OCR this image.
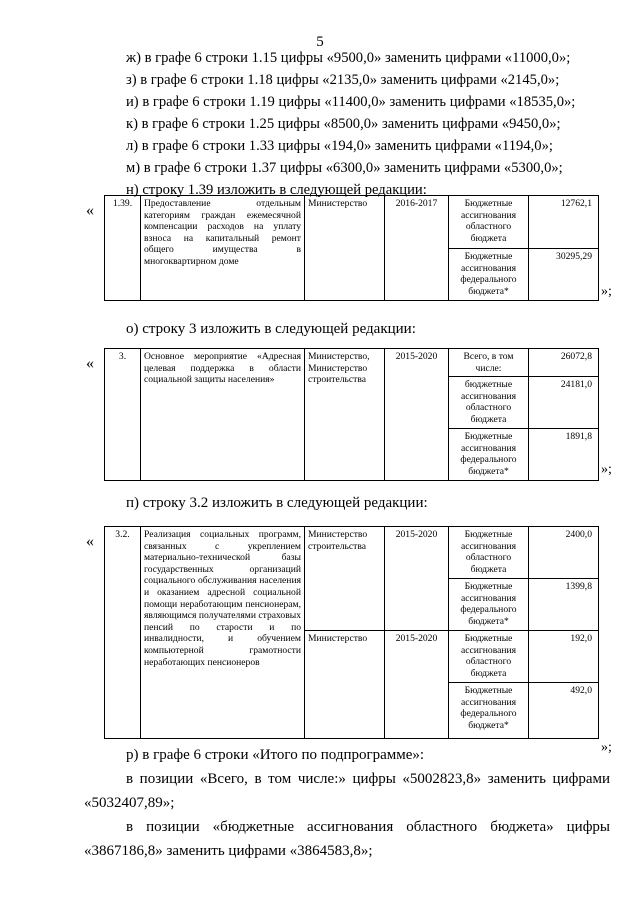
5
ж) в графе 6 строки 1.15 цифры «9500,0» заменить цифрами «11000,0»;
з) в графе 6 строки 1.18 цифры «2135,0» заменить цифрами «2145,0»;
и) в графе 6 строки 1.19 цифры «11400,0» заменить цифрами «18535,0»;
к) в графе 6 строки 1.25 цифры «8500,0» заменить цифрами «9450,0»;
л) в графе 6 строки 1.33 цифры «194,0» заменить цифрами «1194,0»;
м) в графе 6 строки 1.37 цифры «6300,0» заменить цифрами «5300,0»;
н) строку 1.39 изложить в следующей редакции:
« 1.39.	Предоставление отдельным категориям граждан ежемесячной компенсации расходов на уплату взноса на капитальный ремонт общего имущества в многоквартирном доме	Министерство	2016-2017	Бюджетные ассигнования областного бюджета	12762,1
				Бюджетные ассигнования федерального бюджета*	30295,29
»;
о) строку 3 изложить в следующей редакции:
«	3.	Основное мероприятие «Адресная целевая поддержка в области социальной защиты населения»	Министерство, Министерство строительства	2015-2020	Всего, в том числе:	26072,8
				бюджетные ассигнования областного бюджета	24181,0
				Бюджетные ассигнования федерального бюджета*	1891,8
»;
п) строку 3.2 изложить в следующей редакции:
« 3.2.	Реализация социальных программ, связанных с укреплением материально-технической базы государственных организаций социального обслуживания населения и оказанием адресной социальной помощи неработающим пенсионерам, являющимся получателями страховых пенсий по старости и по инвалидности, и обучением компьютерной грамотности неработающих пенсионеров	Министерство строительства	2015-2020	Бюджетные ассигнования областного бюджета	2400,0
				Бюджетные ассигнования федерального бюджета*	1399,8
		Министерство	2015-2020	Бюджетные ассигнования областного бюджета	192,0
				Бюджетные ассигнования федерального бюджета*	492,0
»;
р) в графе 6 строки «Итого по подпрограмме»:
в позиции «Всего, в том числе:» цифры «5002823,8» заменить цифрами
«5032407,89»;
в позиции «бюджетные ассигнования областного бюджета» цифры
«3867186,8» заменить цифрами «3864583,8»;
